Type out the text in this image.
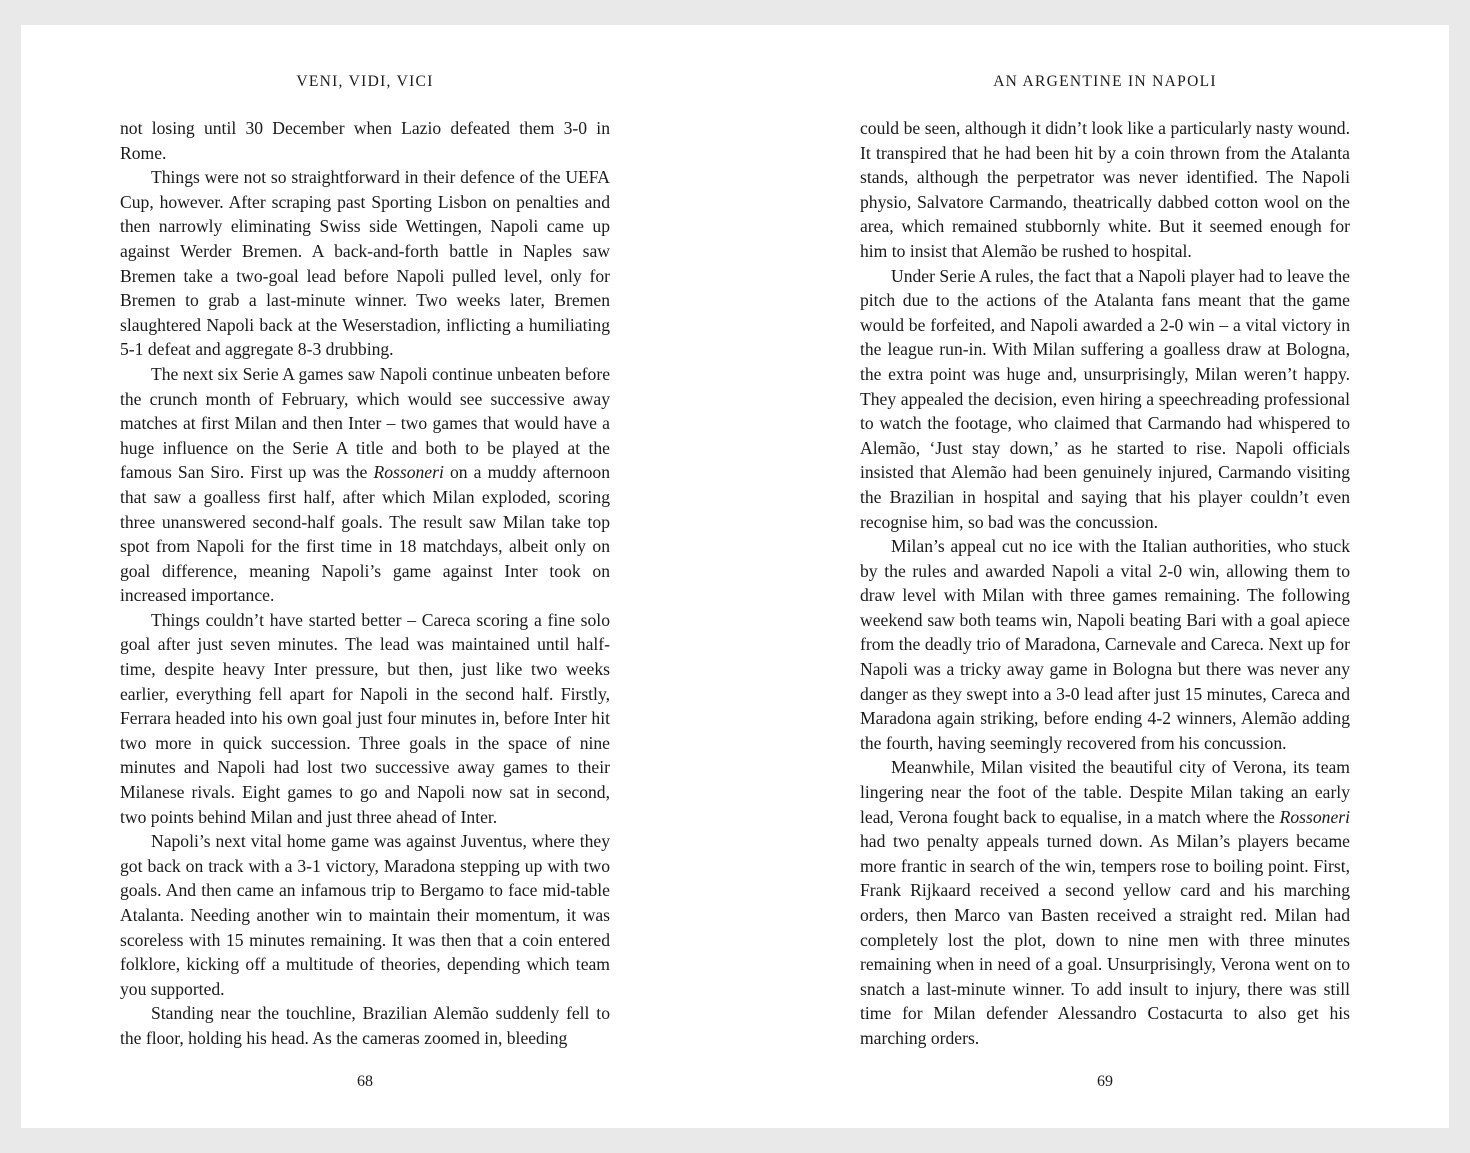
VENI, VIDI, VICI

not losing until 30 December when Lazio defeated them 3-0 in Rome.

Things were not so straightforward in their defence of the UEFA Cup, however. After scraping past Sporting Lisbon on penalties and then narrowly eliminating Swiss side Wettingen, Napoli came up against Werder Bremen. A back-and-forth battle in Naples saw Bremen take a two-goal lead before Napoli pulled level, only for Bremen to grab a last-minute winner. Two weeks later, Bremen slaughtered Napoli back at the Weserstadion, inflicting a humiliating 5-1 defeat and aggregate 8-3 drubbing.

The next six Serie A games saw Napoli continue unbeaten before the crunch month of February, which would see successive away matches at first Milan and then Inter – two games that would have a huge influence on the Serie A title and both to be played at the famous San Siro. First up was the Rossoneri on a muddy afternoon that saw a goalless first half, after which Milan exploded, scoring three unanswered second-half goals. The result saw Milan take top spot from Napoli for the first time in 18 matchdays, albeit only on goal difference, meaning Napoli’s game against Inter took on increased importance.

Things couldn’t have started better – Careca scoring a fine solo goal after just seven minutes. The lead was maintained until half-time, despite heavy Inter pressure, but then, just like two weeks earlier, everything fell apart for Napoli in the second half. Firstly, Ferrara headed into his own goal just four minutes in, before Inter hit two more in quick succession. Three goals in the space of nine minutes and Napoli had lost two successive away games to their Milanese rivals. Eight games to go and Napoli now sat in second, two points behind Milan and just three ahead of Inter.

Napoli’s next vital home game was against Juventus, where they got back on track with a 3-1 victory, Maradona stepping up with two goals. And then came an infamous trip to Bergamo to face mid-table Atalanta. Needing another win to maintain their momentum, it was scoreless with 15 minutes remaining. It was then that a coin entered folklore, kicking off a multitude of theories, depending which team you supported.

Standing near the touchline, Brazilian Alemão suddenly fell to the floor, holding his head. As the cameras zoomed in, bleeding

68
AN ARGENTINE IN NAPOLI

could be seen, although it didn’t look like a particularly nasty wound. It transpired that he had been hit by a coin thrown from the Atalanta stands, although the perpetrator was never identified. The Napoli physio, Salvatore Carmando, theatrically dabbed cotton wool on the area, which remained stubbornly white. But it seemed enough for him to insist that Alemão be rushed to hospital.

Under Serie A rules, the fact that a Napoli player had to leave the pitch due to the actions of the Atalanta fans meant that the game would be forfeited, and Napoli awarded a 2-0 win – a vital victory in the league run-in. With Milan suffering a goalless draw at Bologna, the extra point was huge and, unsurprisingly, Milan weren’t happy. They appealed the decision, even hiring a speechreading professional to watch the footage, who claimed that Carmando had whispered to Alemão, ‘Just stay down,’ as he started to rise. Napoli officials insisted that Alemão had been genuinely injured, Carmando visiting the Brazilian in hospital and saying that his player couldn’t even recognise him, so bad was the concussion.

Milan’s appeal cut no ice with the Italian authorities, who stuck by the rules and awarded Napoli a vital 2-0 win, allowing them to draw level with Milan with three games remaining. The following weekend saw both teams win, Napoli beating Bari with a goal apiece from the deadly trio of Maradona, Carnevale and Careca. Next up for Napoli was a tricky away game in Bologna but there was never any danger as they swept into a 3-0 lead after just 15 minutes, Careca and Maradona again striking, before ending 4-2 winners, Alemão adding the fourth, having seemingly recovered from his concussion.

Meanwhile, Milan visited the beautiful city of Verona, its team lingering near the foot of the table. Despite Milan taking an early lead, Verona fought back to equalise, in a match where the Rossoneri had two penalty appeals turned down. As Milan’s players became more frantic in search of the win, tempers rose to boiling point. First, Frank Rijkaard received a second yellow card and his marching orders, then Marco van Basten received a straight red. Milan had completely lost the plot, down to nine men with three minutes remaining when in need of a goal. Unsurprisingly, Verona went on to snatch a last-minute winner. To add insult to injury, there was still time for Milan defender Alessandro Costacurta to also get his marching orders.

69
